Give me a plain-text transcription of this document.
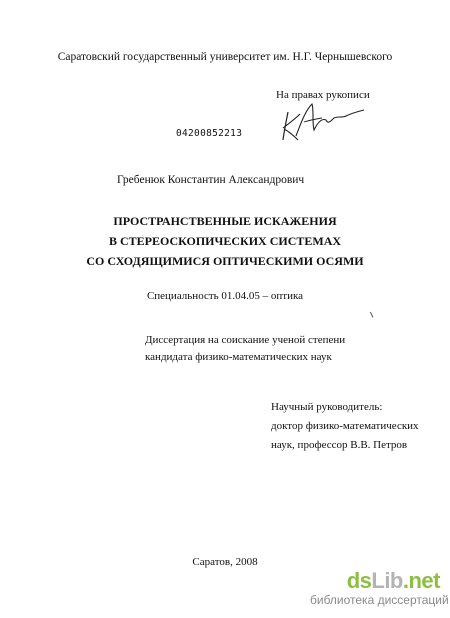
Саратовский государственный университет им. Н.Г. Чернышевского
На правах рукописи
04200852213
Гребенюк Константин Александрович
ПРОСТРАНСТВЕННЫЕ ИСКАЖЕНИЯ
В СТЕРЕОСКОПИЧЕСКИХ СИСТЕМАХ
СО СХОДЯЩИМИСЯ ОПТИЧЕСКИМИ ОСЯМИ
Специальность 01.04.05 – оптика
Диссертация на соискание ученой степени
кандидата физико-математических наук
Научный руководитель:
доктор физико-математических
наук, профессор В.В. Петров
Саратов, 2008
dsLib.net
библиотека диссертаций
